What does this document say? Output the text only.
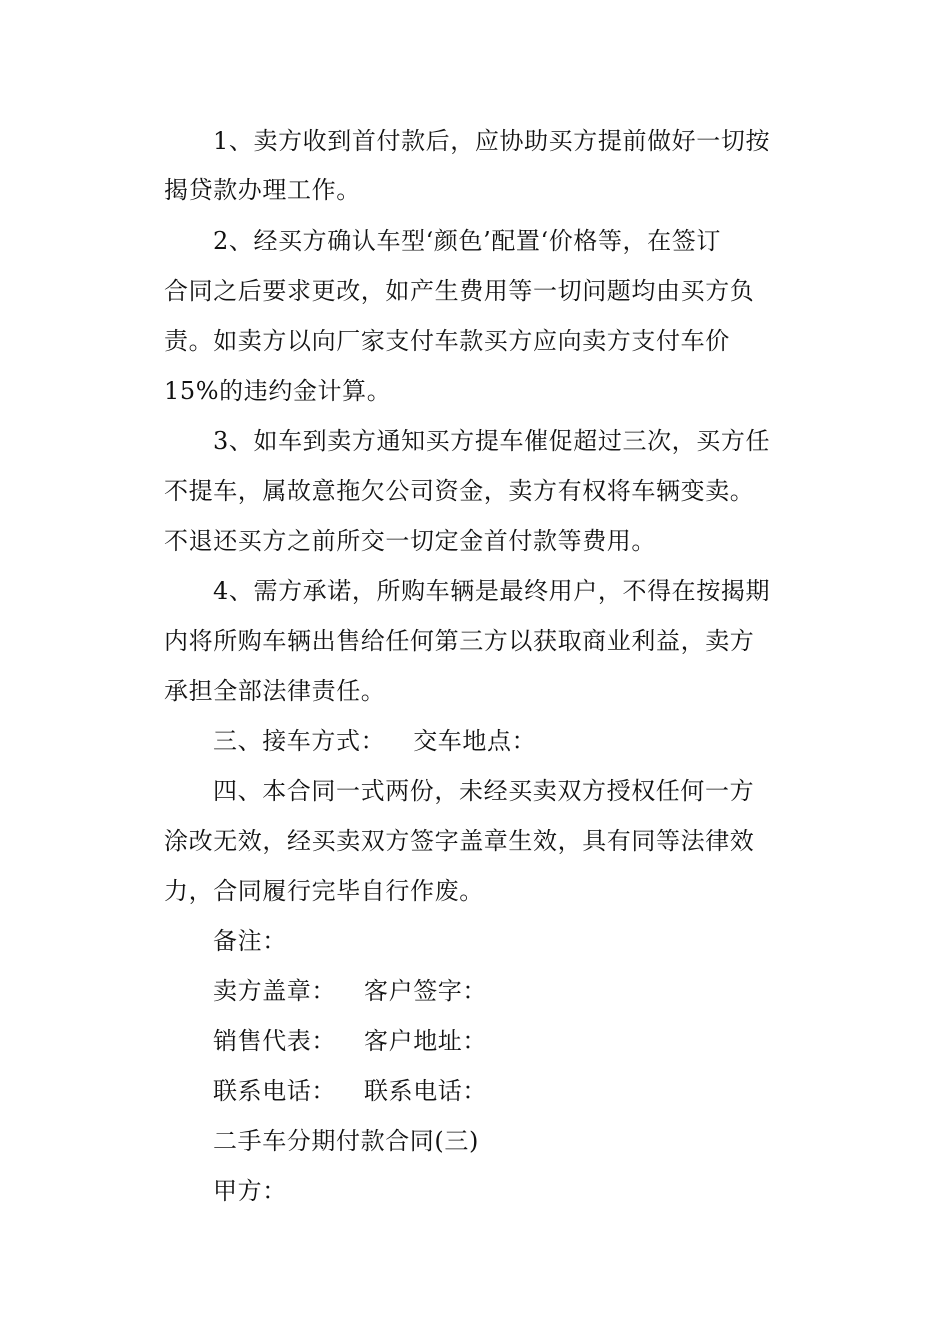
1、卖方收到首付款后，应协助买方提前做好一切按
揭贷款办理工作。
2、经买方确认车型‘颜色’配置‘价格等，在签订
合同之后要求更改，如产生费用等一切问题均由买方负
责。如卖方以向厂家支付车款买方应向卖方支付车价
15%的违约金计算。
3、如车到卖方通知买方提车催促超过三次，买方任
不提车，属故意拖欠公司资金，卖方有权将车辆变卖。
不退还买方之前所交一切定金首付款等费用。
4、需方承诺，所购车辆是最终用户，不得在按揭期
内将所购车辆出售给任何第三方以获取商业利益，卖方
承担全部法律责任。
三、接车方式： 交车地点：
四、本合同一式两份，未经买卖双方授权任何一方
涂改无效，经买卖双方签字盖章生效，具有同等法律效
力，合同履行完毕自行作废。
备注：
卖方盖章： 客户签字：
销售代表： 客户地址：
联系电话： 联系电话：
二手车分期付款合同(三)
甲方：
